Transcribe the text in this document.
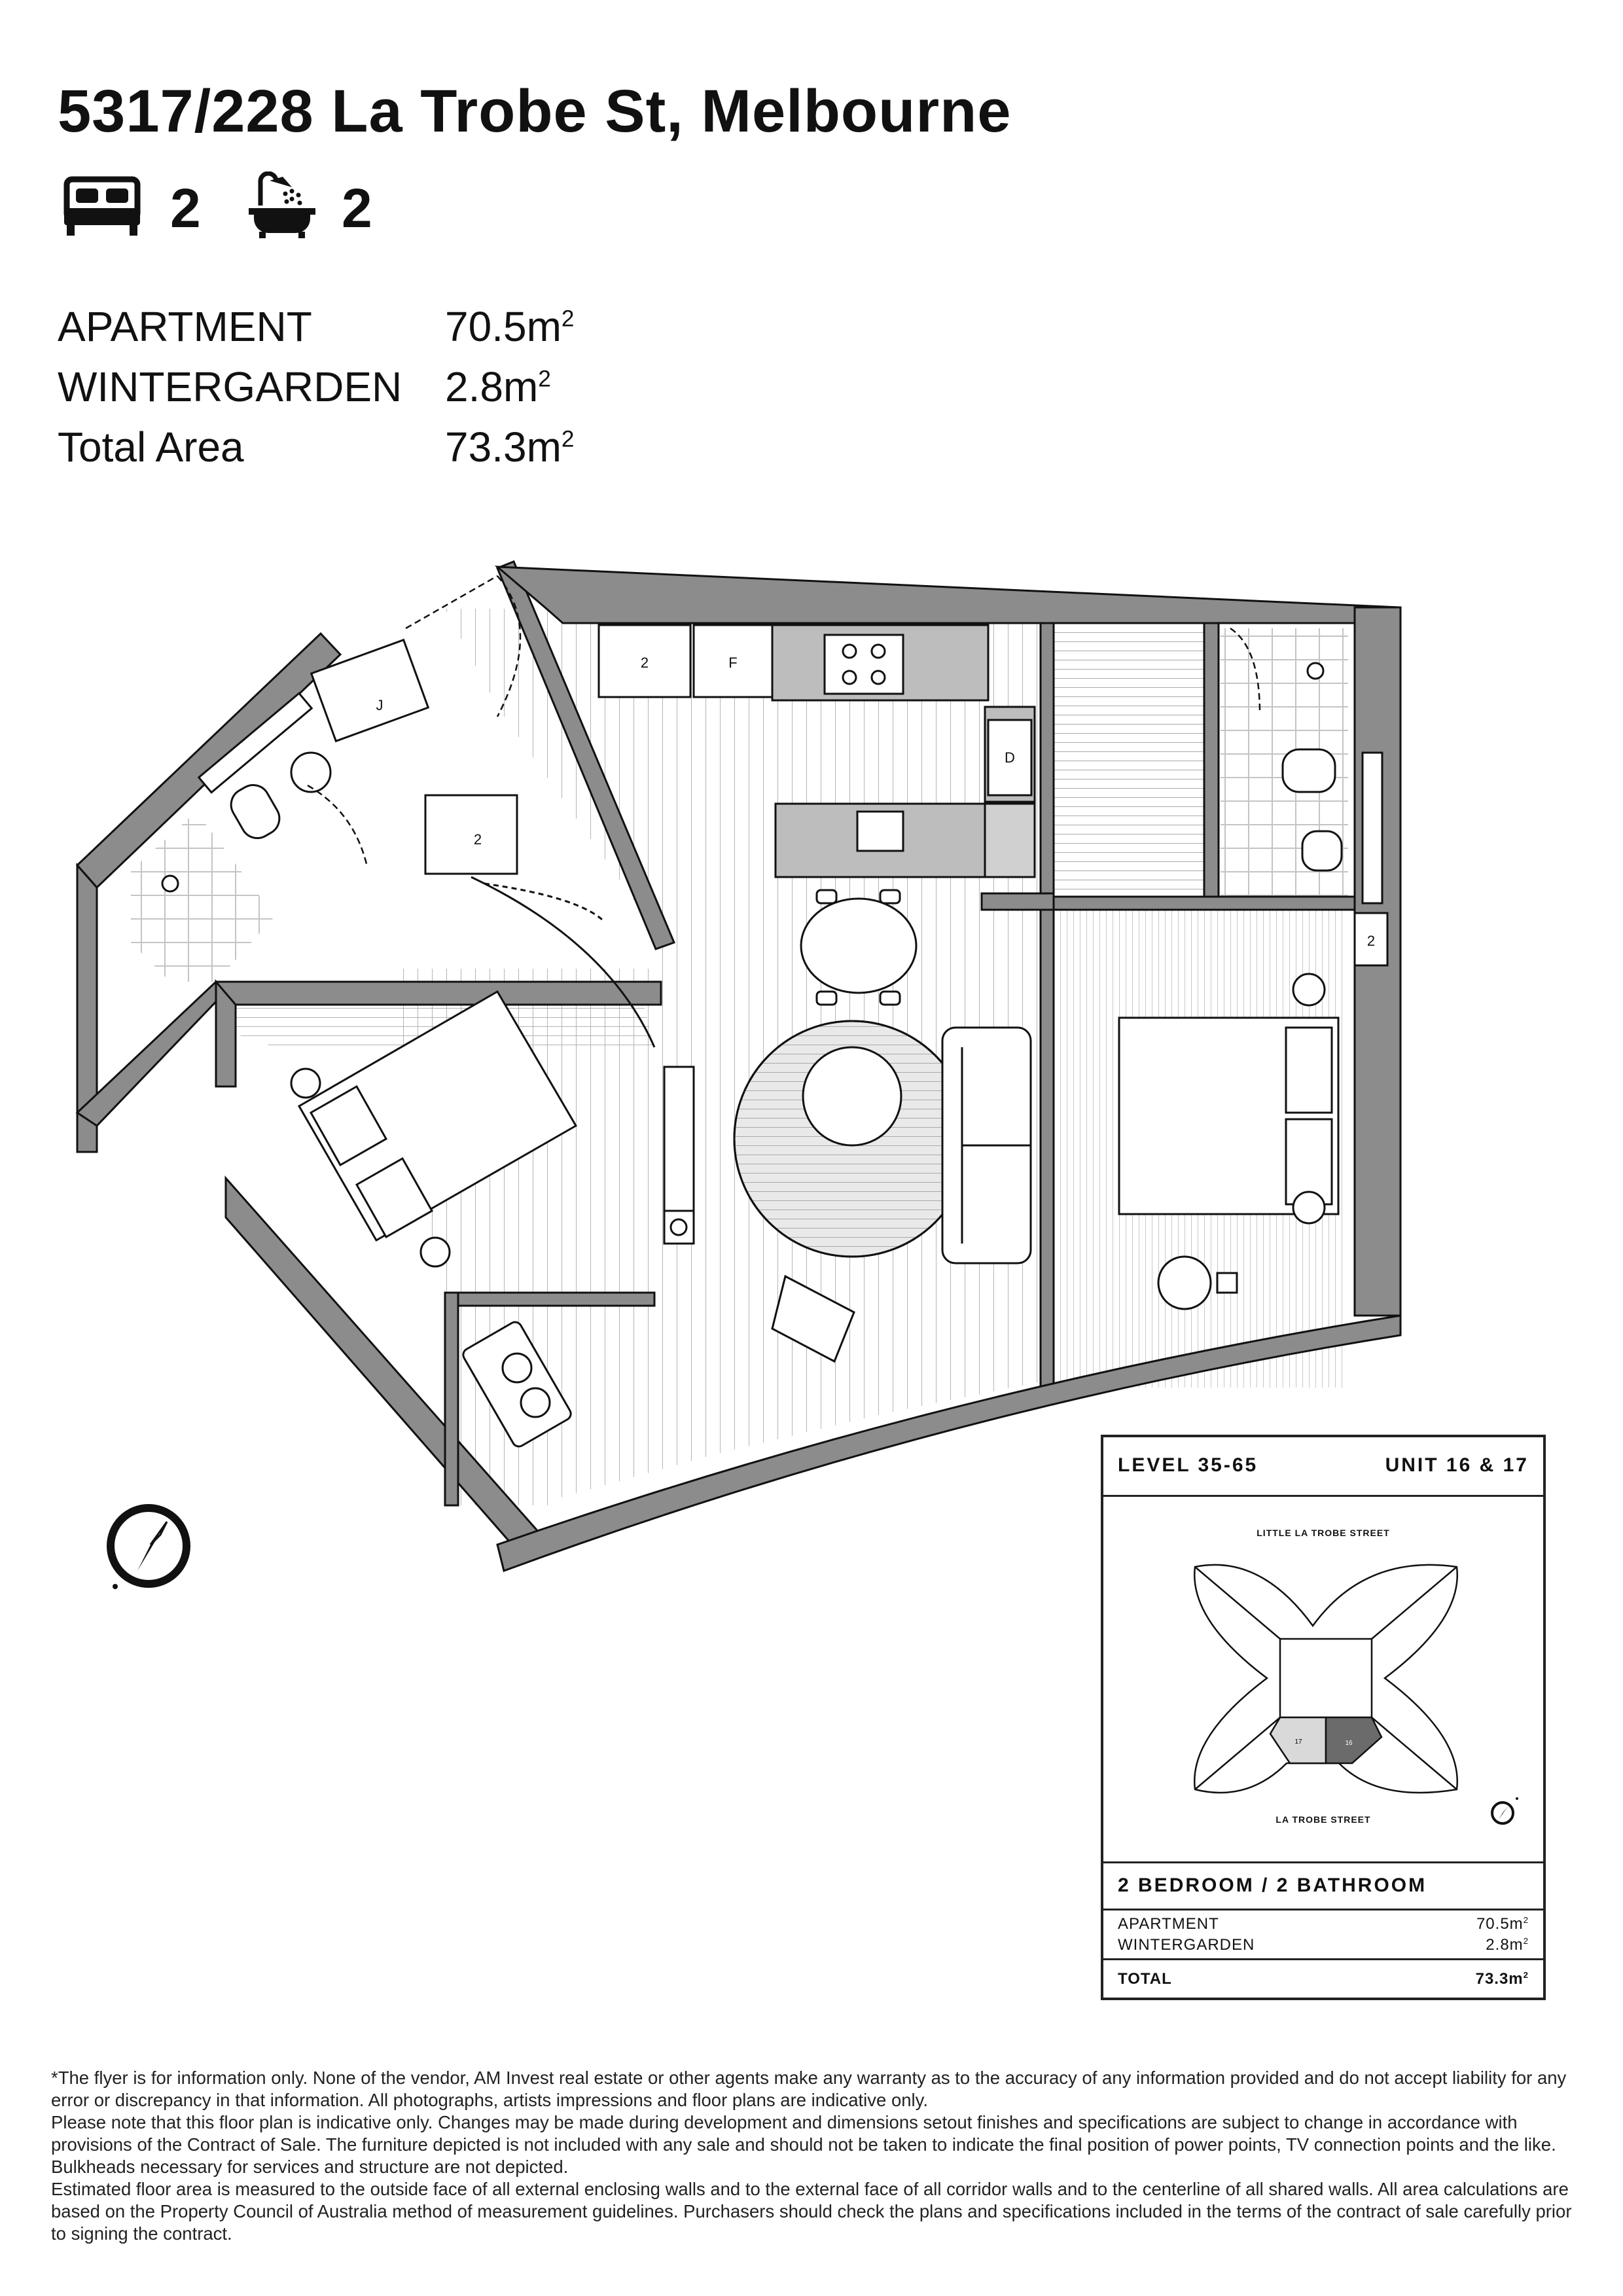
5317/228 La Trobe St, Melbourne
2	2
APARTMENT	$70.5m^2$
WINTERGARDEN $2.8m^2$
Total Area	$73.3m^2$
2	F
J
D
2
2
LEVEL 35-65	UNIT 16 & 17
LITTLE LA TROBE STREET
17	16
LA TROBE STREET
2 BEDROOM / 2 BATHROOM
APARTMENT	$70.5m^2$
WINTERGARDEN	$2.8m^2$
TOTAL	$73.3m^2$

*The flyer is for information only. None of the vendor, AM Invest real estate or other agents make any warranty as to the accuracy of any information provided and do not accept liability for any error or discrepancy in that information. All photographs, artists impressions and floor plans are indicative only.

Please note that this floor plan is indicative only. Changes may be made during development and dimensions setout finishes and specifications are subject to change in accordance with provisions of the Contract of Sale. The furniture depicted is not included with any sale and should not be taken to indicate the final position of power points, TV connection points and the like. Bulkheads necessary for services and structure are not depicted.

Estimated floor area is measured to the outside face of all external enclosing walls and to the external face of all corridor walls and to the centerline of all shared walls. All area calculations are based on the Property Council of Australia method of measurement guidelines. Purchasers should check the plans and specifications included in the terms of the contract of sale carefully prior to signing the contract.
